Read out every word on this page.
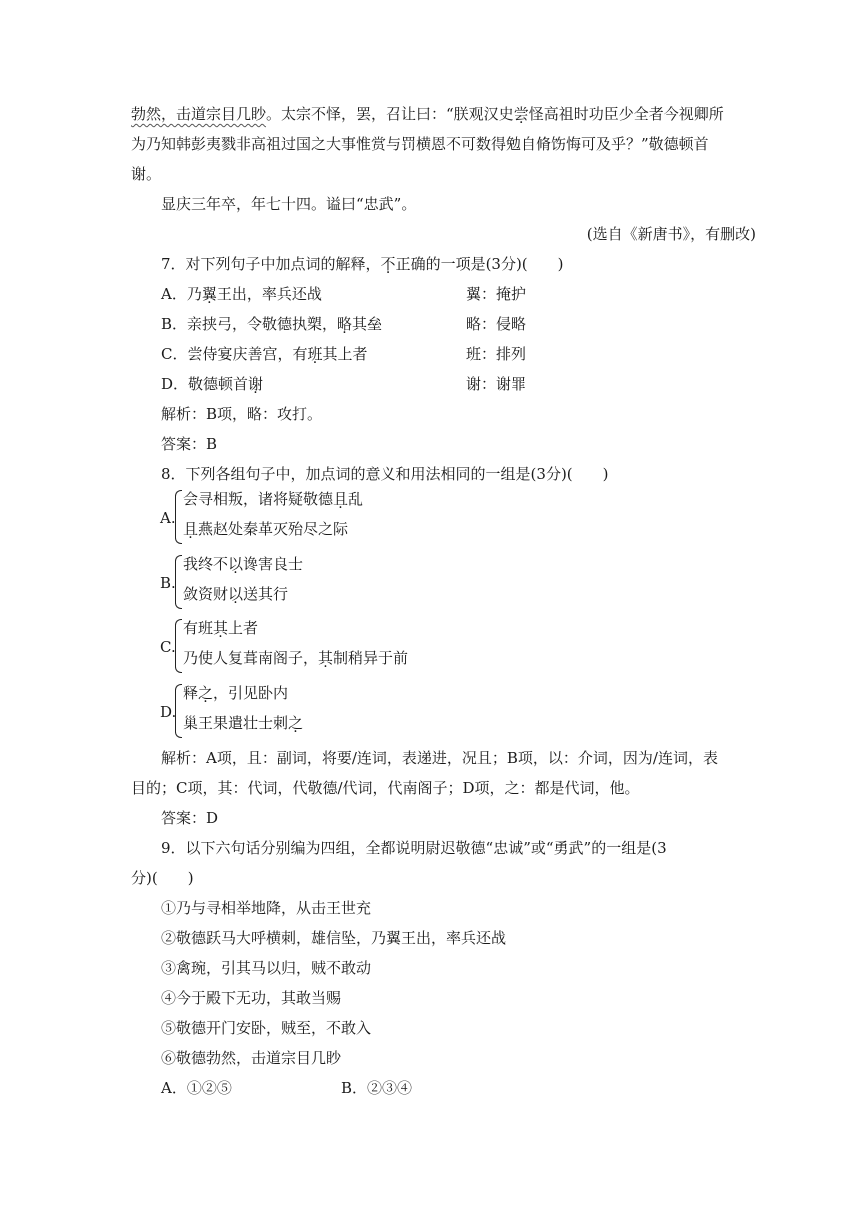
勃然，击道宗目几眇。太宗不怿，罢，召让曰：“朕观汉史尝怪高祖时功臣少全者今视卿所
为乃知韩彭夷戮非高祖过国之大事惟赏与罚横恩不可数得勉自脩饬悔可及乎？”敬德顿首
谢。
显庆三年卒，年七十四。谥曰“忠武”。
(选自《新唐书》，有删改)
7．对下列句子中加点词的解释，不正确的一项是(3分)(　　)
A．乃翼王出，率兵还战	翼：掩护
B．亲挟弓，令敬德执槊，略其垒	略：侵略
C．尝侍宴庆善宫，有班其上者	班：排列
D．敬德顿首谢	谢：谢罪
解析：B项，略：攻打。
答案：B
8．下列各组句子中，加点词的意义和用法相同的一组是(3分)(　　)
A.
会寻相叛，诸将疑敬德且乱
且燕赵处秦革灭殆尽之际
B.
我终不以谗害良士
敛资财以送其行
C.
有班其上者
乃使人复葺南阁子，其制稍异于前
D.
释之，引见卧内
巢王果遣壮士刺之
解析：A项，且：副词，将要/连词，表递进，况且；B项，以：介词，因为/连词，表
目的；C项，其：代词，代敬德/代词，代南阁子；D项，之：都是代词，他。
答案：D
9．以下六句话分别编为四组，全都说明尉迟敬德“忠诚”或“勇武”的一组是(3
分)(　　)
①乃与寻相举地降，从击王世充
②敬德跃马大呼横刺，雄信坠，乃翼王出，率兵还战
③禽琬，引其马以归，贼不敢动
④今于殿下无功，其敢当赐
⑤敬德开门安卧，贼至，不敢入
⑥敬德勃然，击道宗目几眇
A．①②⑤	B．②③④
